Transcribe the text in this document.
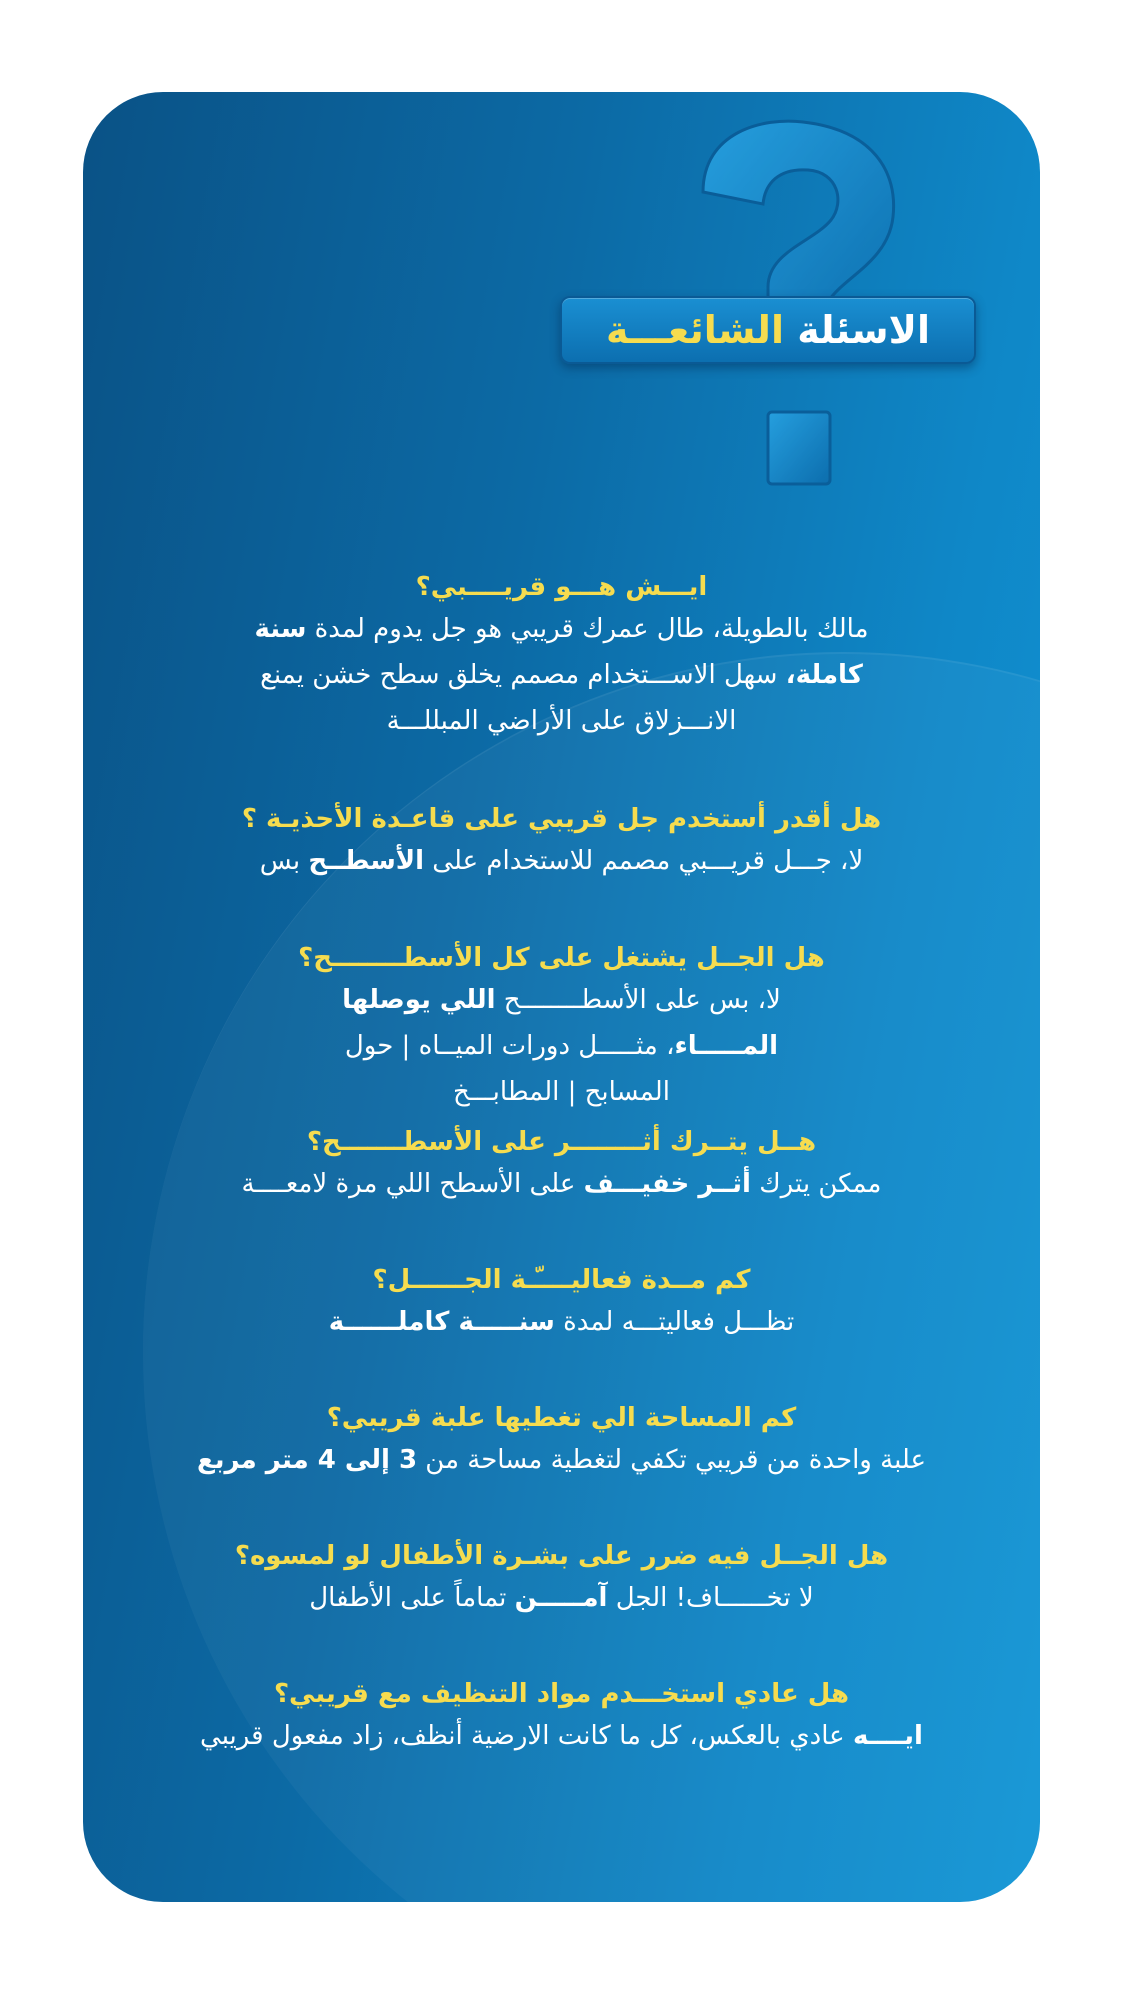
الاسئلة الشائعـــة

ايـــش هـــو قريــــبي؟

مالك بالطويلة، طال عمرك قريبي هو جل يدوم لمدة سنة كاملة، سهل الاســـتخدام مصمم يخلق سطح خشن يمنع الانـــزلاق على الأراضي المبللـــة

هل أقدر أستخدم جل قريبي على قاعـدة الأحذيـة ؟

لا، جـــل قريـــبي مصمم للاستخدام على الأسطــح بس

هل الجــل يشتغل على كل الأسطــــــــح؟

لا، بس على الأسطــــــــح اللي يوصلها المـــــاء، مثـــــل دورات الميــاه | حول المسابح | المطابـــخ

هــل يتــرك أثــــــــر على الأسطـــــــح؟

ممكن يترك أثــر خفيـــف على الأسطح اللي مرة لامعــــة

كم مــدة فعاليــــّـة الجــــــل؟

تظـــل فعاليتـــه لمدة سنـــــة كاملــــــة

كم المساحة الي تغطيها علبة قريبي؟

علبة واحدة من قريبي تكفي لتغطية مساحة من 3 إلى 4 متر مربع

هل الجــل فيه ضرر على بشـرة الأطفال لو لمسوه؟

لا تخــــــاف! الجل آمـــــن تماماً على الأطفال

هل عادي استخـــدم مواد التنظيف مع قريبي؟

ايــــه عادي بالعكس، كل ما كانت الارضية أنظف، زاد مفعول قريبي
